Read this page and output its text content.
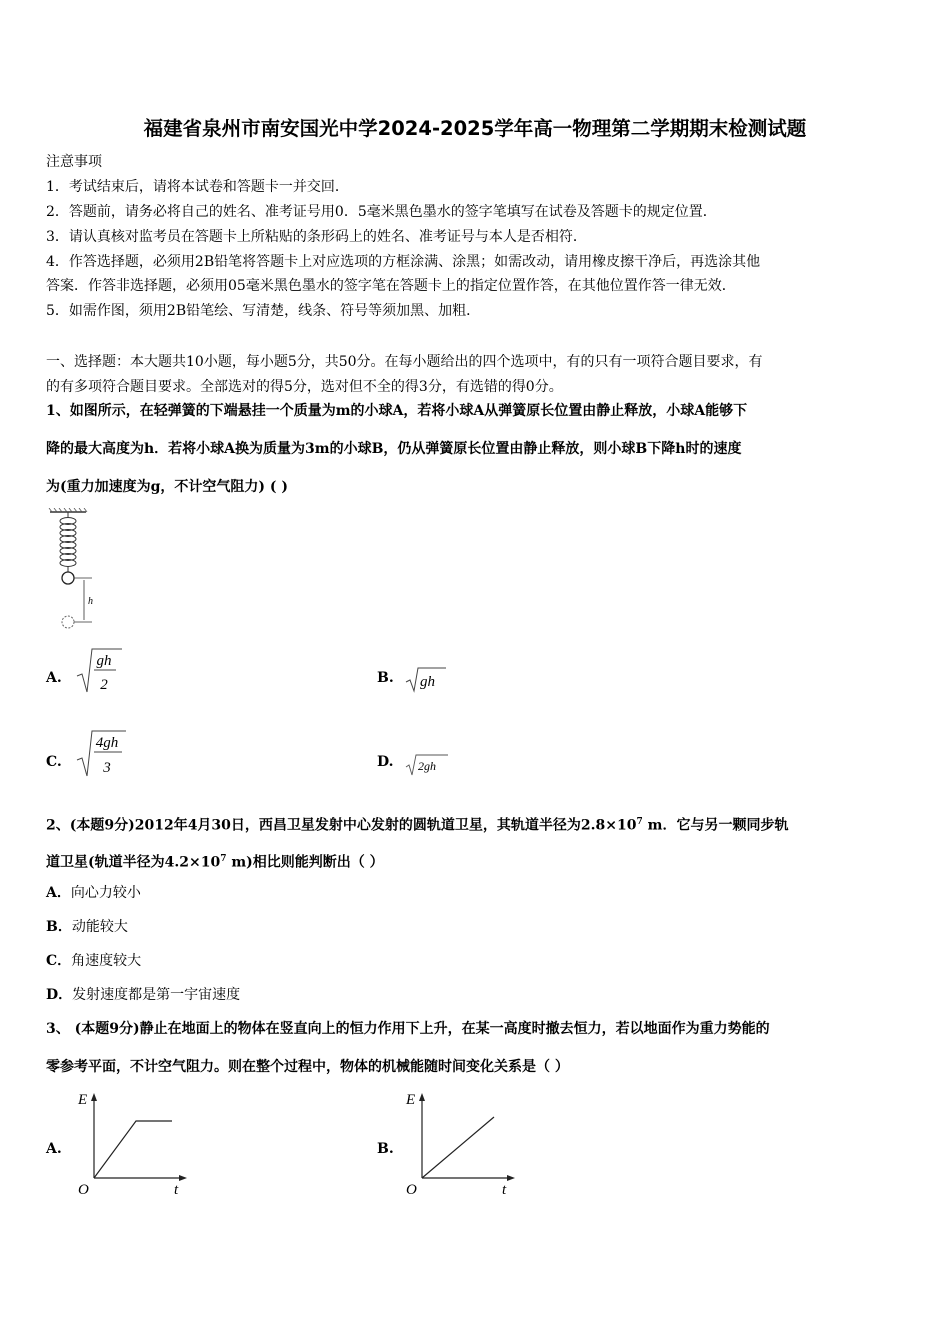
福建省泉州市南安国光中学2024-2025学年高一物理第二学期期末检测试题
注意事项
1．考试结束后，请将本试卷和答题卡一并交回．
2．答题前，请务必将自己的姓名、准考证号用0．5毫米黑色墨水的签字笔填写在试卷及答题卡的规定位置．
3．请认真核对监考员在答题卡上所粘贴的条形码上的姓名、准考证号与本人是否相符．
4．作答选择题，必须用2B铅笔将答题卡上对应选项的方框涂满、涂黑；如需改动，请用橡皮擦干净后，再选涂其他
答案．作答非选择题，必须用05毫米黑色墨水的签字笔在答题卡上的指定位置作答，在其他位置作答一律无效．
5．如需作图，须用2B铅笔绘、写清楚，线条、符号等须加黑、加粗．
一、选择题：本大题共10小题，每小题5分，共50分。在每小题给出的四个选项中，有的只有一项符合题目要求，有
的有多项符合题目要求。全部选对的得5分，选对但不全的得3分，有选错的得0分。
1、如图所示，在轻弹簧的下端悬挂一个质量为m的小球A，若将小球A从弹簧原长位置由静止释放，小球A能够下
降的最大高度为h．若将小球A换为质量为3m的小球B，仍从弹簧原长位置由静止释放，则小球B下降h时的速度
为(重力加速度为g，不计空气阻力) ( )
h
A.
gh
2	B. gh
C.
4gh
3	D. 2gh
2、(本题9分)2012年4月30日，西昌卫星发射中心发射的圆轨道卫星，其轨道半径为$2.8\times 10^7$ m．它与另一颗同步轨
道卫星(轨道半径为$4.2\times 10^7$ m)相比则能判断出（ ）
A．向心力较小
B．动能较大
C．角速度较大
D．发射速度都是第一宇宙速度
3、 (本题9分)静止在地面上的物体在竖直向上的恒力作用下上升，在某一高度时撤去恒力，若以地面作为重力势能的
零参考平面，不计空气阻力。则在整个过程中，物体的机械能随时间变化关系是（ ）
A.
E
O	t
B.
E
O	t
